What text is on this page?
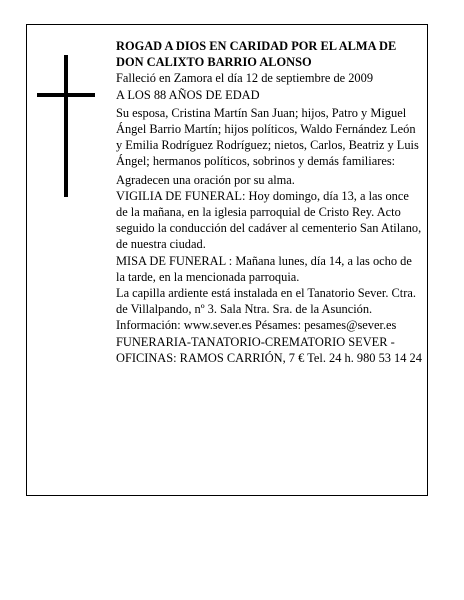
ROGAD A DIOS EN CARIDAD POR EL ALMA DE DON CALIXTO BARRIO ALONSO

Falleció en Zamora el día 12 de septiembre de 2009

A LOS 88 AÑOS DE EDAD

Su esposa, Cristina Martín San Juan; hijos, Patro y Miguel Ángel Barrio Martín; hijos políticos, Waldo Fernández León y Emilia Rodríguez Rodríguez; nietos, Carlos, Beatriz y Luis Ángel; hermanos políticos, sobrinos y demás familiares:

Agradecen una oración por su alma.

VIGILIA DE FUNERAL: Hoy domingo, día 13, a las once de la mañana, en la iglesia parroquial de Cristo Rey. Acto seguido la conducción del cadáver al cementerio San Atilano, de nuestra ciudad.

MISA DE FUNERAL : Mañana lunes, día 14, a las ocho de la tarde, en la mencionada parroquia.

La capilla ardiente está instalada en el Tanatorio Sever. Ctra. de Villalpando, nº 3. Sala Ntra. Sra. de la Asunción.

Información: www.sever.es Pésames: pesames@sever.es

FUNERARIA-TANATORIO-CREMATORIO SEVER - OFICINAS: RAMOS CARRIÓN, 7 € Tel. 24 h. 980 53 14 24
